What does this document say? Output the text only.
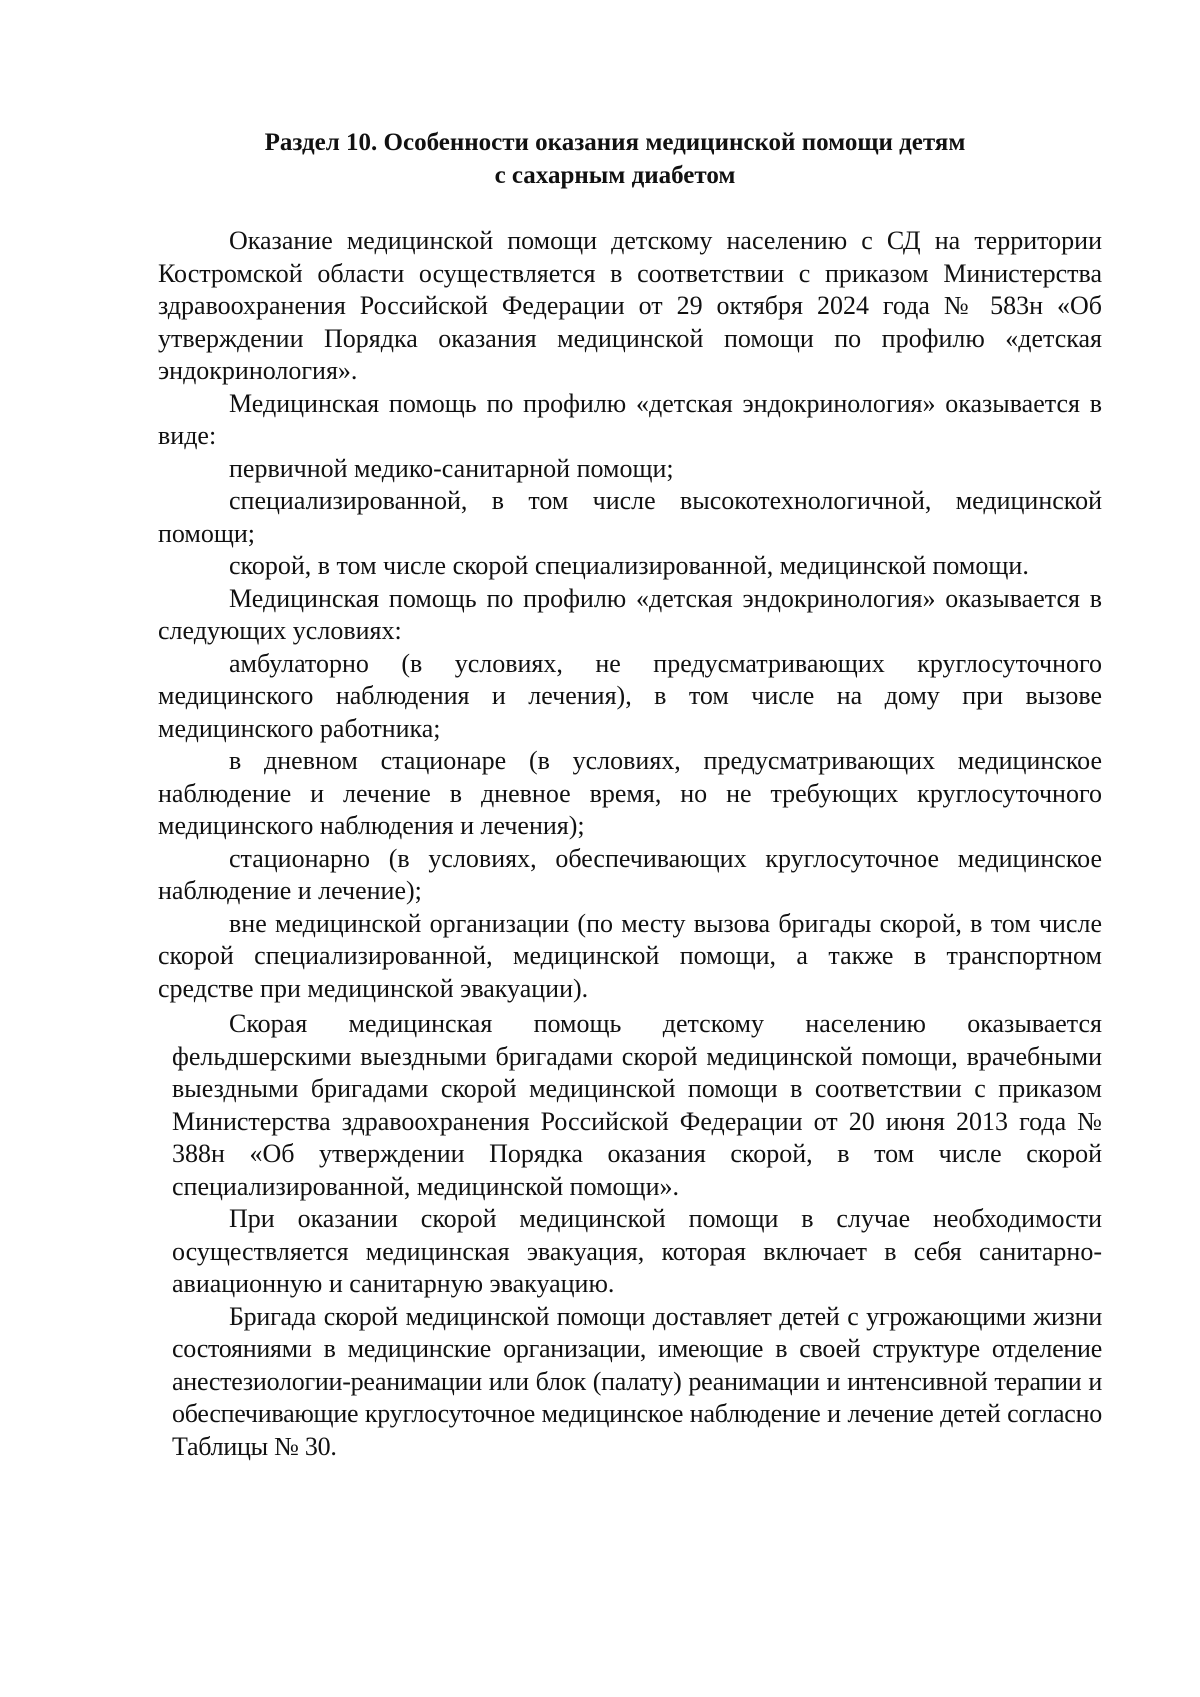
Раздел 10. Особенности оказания медицинской помощи детям
с сахарным диабетом

Оказание медицинской помощи детскому населению с СД на территории Костромской области осуществляется в соответствии с приказом Министерства здравоохранения Российской Федерации от 29 октября 2024 года № 583н «Об утверждении Порядка оказания медицинской помощи по профилю «детская эндокринология».

Медицинская помощь по профилю «детская эндокринология» оказывается в виде:

первичной медико-санитарной помощи;

специализированной, в том числе высокотехнологичной, медицинской помощи;

скорой, в том числе скорой специализированной, медицинской помощи.

Медицинская помощь по профилю «детская эндокринология» оказывается в следующих условиях:

амбулаторно (в условиях, не предусматривающих круглосуточного медицинского наблюдения и лечения), в том числе на дому при вызове медицинского работника;

в дневном стационаре (в условиях, предусматривающих медицинское наблюдение и лечение в дневное время, но не требующих круглосуточного медицинского наблюдения и лечения);

стационарно (в условиях, обеспечивающих круглосуточное медицинское наблюдение и лечение);

вне медицинской организации (по месту вызова бригады скорой, в том числе скорой специализированной, медицинской помощи, а также в транспортном средстве при медицинской эвакуации).

Скорая медицинская помощь детскому населению оказывается фельдшерскими выездными бригадами скорой медицинской помощи, врачебными выездными бригадами скорой медицинской помощи в соответствии с приказом Министерства здравоохранения Российской Федерации от 20 июня 2013 года № 388н «Об утверждении Порядка оказания скорой, в том числе скорой специализированной, медицинской помощи».

При оказании скорой медицинской помощи в случае необходимости осуществляется медицинская эвакуация, которая включает в себя санитарно-авиационную и санитарную эвакуацию.

Бригада скорой медицинской помощи доставляет детей с угрожающими жизни состояниями в медицинские организации, имеющие в своей структуре отделение анестезиологии-реанимации или блок (палату) реанимации и интенсивной терапии и обеспечивающие круглосуточное медицинское наблюдение и лечение детей согласно Таблицы № 30.
